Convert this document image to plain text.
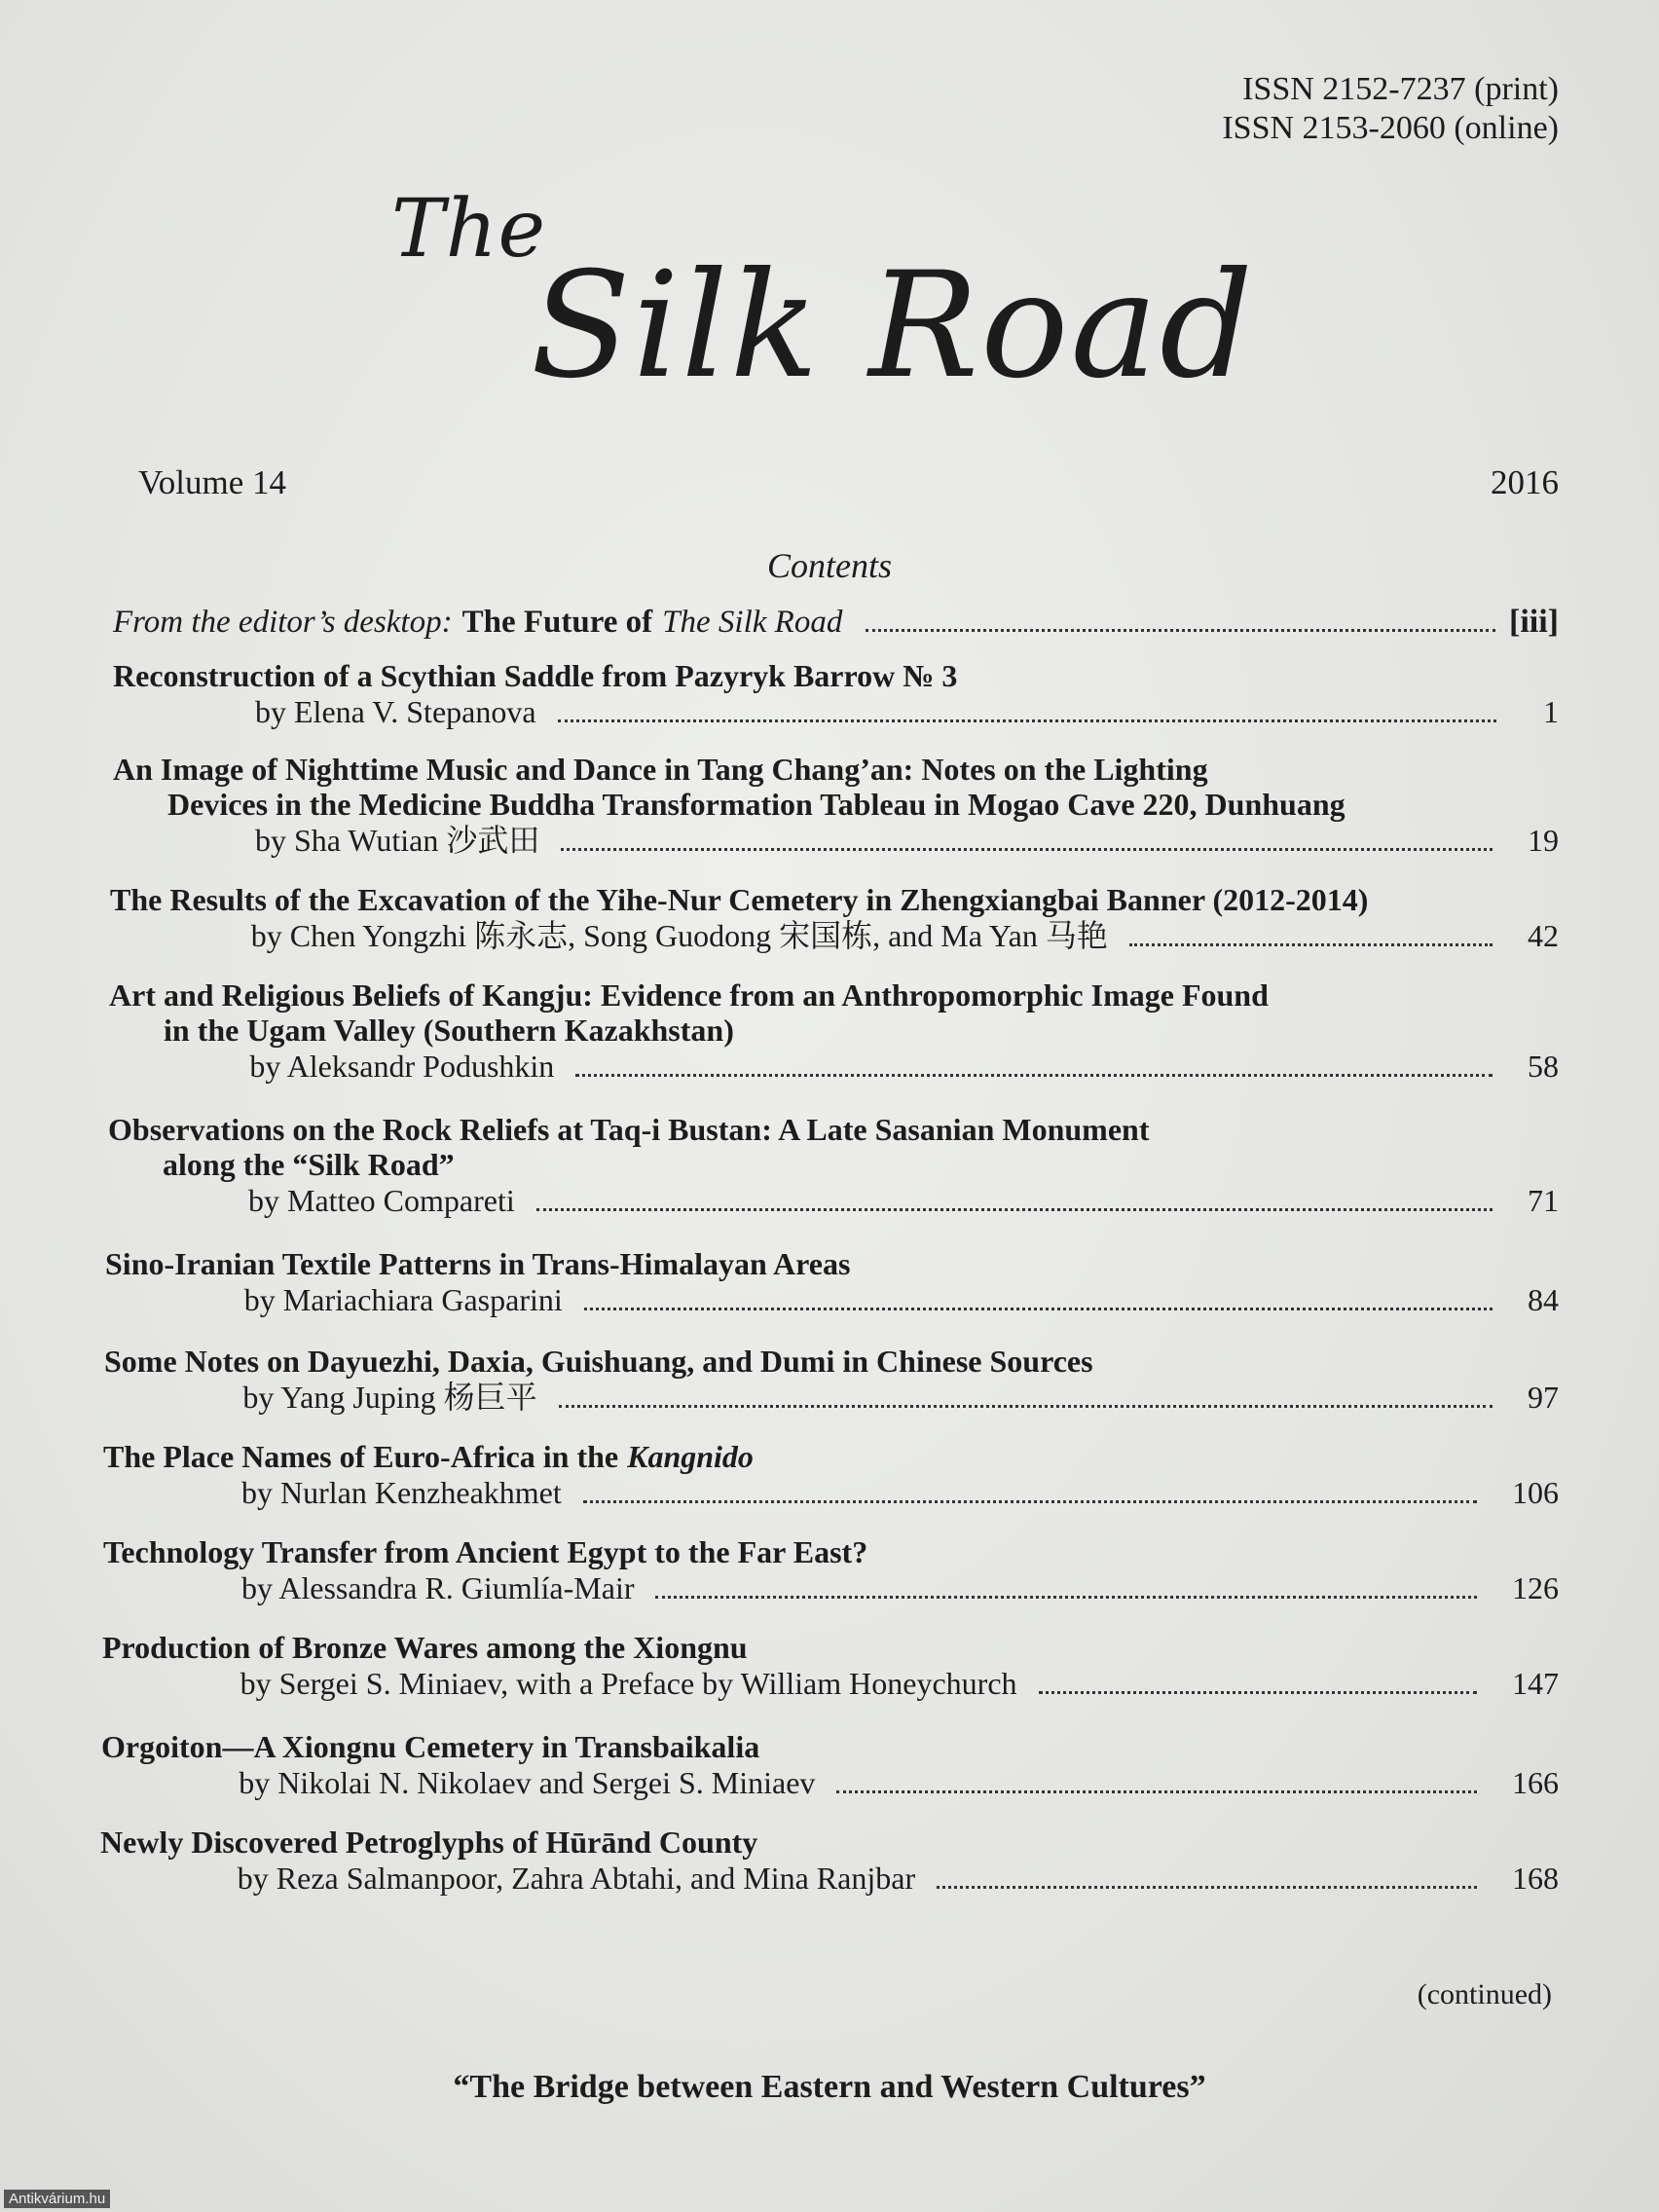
ISSN 2152-7237 (print)
ISSN 2153-2060 (online)
The
Silk Road
Volume 14	2016
Contents
From the editor’s desktop: The Future of The Silk Road	[iii]
Reconstruction of a Scythian Saddle from Pazyryk Barrow № 3
by Elena V. Stepanova	1
An Image of Nighttime Music and Dance in Tang Chang’an: Notes on the Lighting
Devices in the Medicine Buddha Transformation Tableau in Mogao Cave 220, Dunhuang
by Sha Wutian 沙武田	19
The Results of the Excavation of the Yihe-Nur Cemetery in Zhengxiangbai Banner (2012-2014)
by Chen Yongzhi 陈永志, Song Guodong 宋国栋, and Ma Yan 马艳	42
Art and Religious Beliefs of Kangju: Evidence from an Anthropomorphic Image Found
in the Ugam Valley (Southern Kazakhstan)
by Aleksandr Podushkin	58
Observations on the Rock Reliefs at Taq-i Bustan: A Late Sasanian Monument
along the “Silk Road”
by Matteo Compareti	71
Sino-Iranian Textile Patterns in Trans-Himalayan Areas
by Mariachiara Gasparini	84
Some Notes on Dayuezhi, Daxia, Guishuang, and Dumi in Chinese Sources
by Yang Juping 杨巨平	97
The Place Names of Euro-Africa in the Kangnido
by Nurlan Kenzheakhmet	106
Technology Transfer from Ancient Egypt to the Far East?
by Alessandra R. Giumlía-Mair	126
Production of Bronze Wares among the Xiongnu
by Sergei S. Miniaev, with a Preface by William Honeychurch	147
Orgoiton—A Xiongnu Cemetery in Transbaikalia
by Nikolai N. Nikolaev and Sergei S. Miniaev	166
Newly Discovered Petroglyphs of Hūrānd County
by Reza Salmanpoor, Zahra Abtahi, and Mina Ranjbar	168
(continued)
“The Bridge between Eastern and Western Cultures”
Antikvárium.hu
